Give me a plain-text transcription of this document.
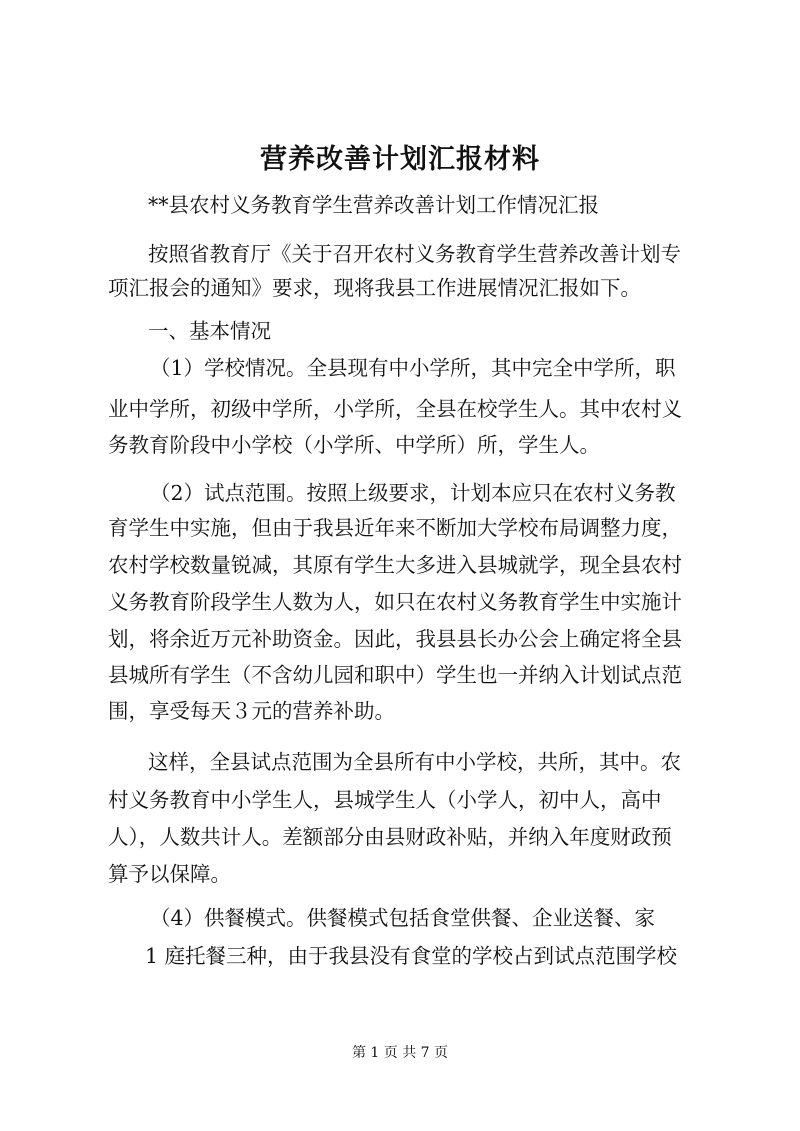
营养改善计划汇报材料
**县农村义务教育学生营养改善计划工作情况汇报
按照省教育厅《关于召开农村义务教育学生营养改善计划专
项汇报会的通知》要求，现将我县工作进展情况汇报如下。
一、基本情况
（1）学校情况。全县现有中小学所，其中完全中学所，职
业中学所，初级中学所，小学所，全县在校学生人。其中农村义
务教育阶段中小学校（小学所、中学所）所，学生人。
（2）试点范围。按照上级要求，计划本应只在农村义务教
育学生中实施，但由于我县近年来不断加大学校布局调整力度，
农村学校数量锐减，其原有学生大多进入县城就学，现全县农村
义务教育阶段学生人数为人，如只在农村义务教育学生中实施计
划，将余近万元补助资金。因此，我县县长办公会上确定将全县
县城所有学生（不含幼儿园和职中）学生也一并纳入计划试点范
围，享受每天３元的营养补助。
这样，全县试点范围为全县所有中小学校，共所，其中。农
村义务教育中小学生人，县城学生人（小学人，初中人，高中
人），人数共计人。差额部分由县财政补贴，并纳入年度财政预
算予以保障。
（4）供餐模式。供餐模式包括食堂供餐、企业送餐、家
1 庭托餐三种，由于我县没有食堂的学校占到试点范围学校
第 1 页 共 7 页
